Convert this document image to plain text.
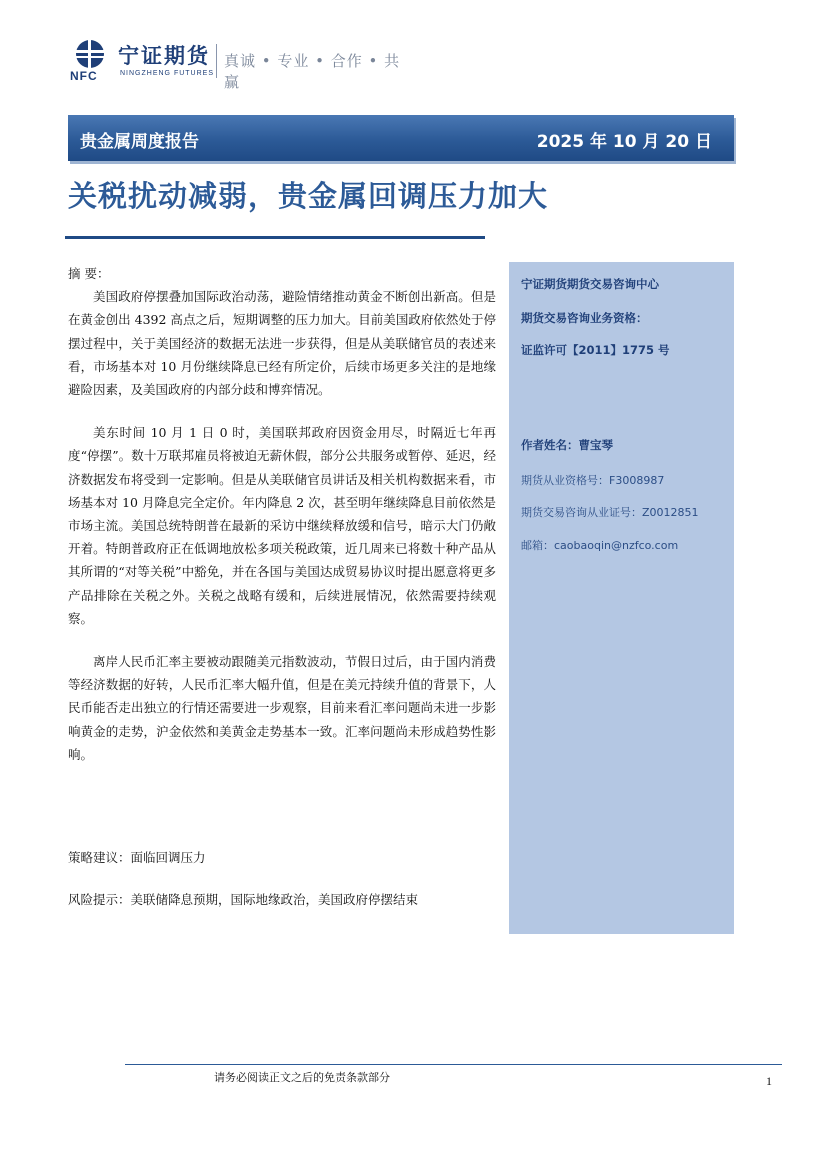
NFC
宁证期货
NINGZHENG FUTURES
真诚 • 专业 • 合作 • 共赢
贵金属周度报告	2025 年 10 月 20 日
关税扰动减弱，贵金属回调压力加大

摘 要：

美国政府停摆叠加国际政治动荡，避险情绪推动黄金不断创出新高。但是在黄金创出 4392 高点之后，短期调整的压力加大。目前美国政府依然处于停摆过程中，关于美国经济的数据无法进一步获得，但是从美联储官员的表述来看，市场基本对 10 月份继续降息已经有所定价，后续市场更多关注的是地缘避险因素，及美国政府的内部分歧和博弈情况。

美东时间 10 月 1 日 0 时，美国联邦政府因资金用尽，时隔近七年再度“停摆”。数十万联邦雇员将被迫无薪休假，部分公共服务或暂停、延迟，经济数据发布将受到一定影响。但是从美联储官员讲话及相关机构数据来看，市场基本对 10 月降息完全定价。年内降息 2 次，甚至明年继续降息目前依然是市场主流。美国总统特朗普在最新的采访中继续释放缓和信号，暗示大门仍敞开着。特朗普政府正在低调地放松多项关税政策，近几周来已将数十种产品从其所谓的“对等关税”中豁免，并在各国与美国达成贸易协议时提出愿意将更多产品排除在关税之外。关税之战略有缓和，后续进展情况，依然需要持续观察。

离岸人民币汇率主要被动跟随美元指数波动，节假日过后，由于国内消费等经济数据的好转，人民币汇率大幅升值，但是在美元持续升值的背景下，人民币能否走出独立的行情还需要进一步观察，目前来看汇率问题尚未进一步影响黄金的走势，沪金依然和美黄金走势基本一致。汇率问题尚未形成趋势性影响。

策略建议：面临回调压力
风险提示：美联储降息预期，国际地缘政治，美国政府停摆结束
宁证期货期货交易咨询中心
期货交易咨询业务资格：
证监许可【2011】1775 号
作者姓名：曹宝琴
期货从业资格号：F3008987
期货交易咨询从业证号：Z0012851
邮箱：caobaoqin@nzfco.com
请务必阅读正文之后的免责条款部分	1
